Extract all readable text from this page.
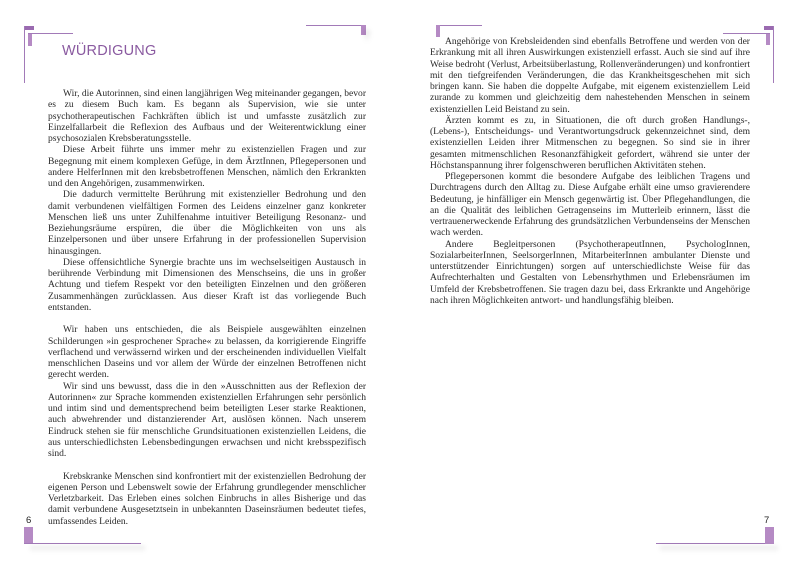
WÜRDIGUNG

Wir, die Autorinnen, sind einen langjährigen Weg miteinander gegangen, bevor es zu diesem Buch kam. Es begann als Supervision, wie sie unter psychotherapeutischen Fachkräften üblich ist und umfasste zusätzlich zur Einzelfallarbeit die Reflexion des Aufbaus und der Weiterentwicklung einer psychosozialen Krebsberatungsstelle.

Diese Arbeit führte uns immer mehr zu existenziellen Fragen und zur Begegnung mit einem komplexen Gefüge, in dem ÄrztInnen, Pflegepersonen und andere HelferInnen mit den krebsbetroffenen Menschen, nämlich den Erkrankten und den Angehörigen, zusammenwirken.

Die dadurch vermittelte Berührung mit existenzieller Bedrohung und den damit verbundenen vielfältigen Formen des Leidens einzelner ganz konkreter Menschen ließ uns unter Zuhilfenahme intuitiver Beteiligung Resonanz- und Beziehungsräume erspüren, die über die Möglichkeiten von uns als Einzelpersonen und über unsere Erfahrung in der professionellen Supervision hinausgingen.

Diese offensichtliche Synergie brachte uns im wechselseitigen Austausch in berührende Verbindung mit Dimensionen des Menschseins, die uns in großer Achtung und tiefem Respekt vor den beteiligten Einzelnen und den größeren Zusammenhängen zurücklassen. Aus dieser Kraft ist das vorliegende Buch entstanden.

Wir haben uns entschieden, die als Beispiele ausgewählten einzelnen Schilderungen »in gesprochener Sprache« zu belassen, da korrigierende Eingriffe verflachend und verwässernd wirken und der erscheinenden individuellen Vielfalt menschlichen Daseins und vor allem der Würde der einzelnen Betroffenen nicht gerecht werden.

Wir sind uns bewusst, dass die in den »Ausschnitten aus der Reflexion der Autorinnen« zur Sprache kommenden existenziellen Erfahrungen sehr persönlich und intim sind und dementsprechend beim beteiligten Leser starke Reaktionen, auch abwehrender und distanzierender Art, auslösen können. Nach unserem Eindruck stehen sie für menschliche Grundsituationen existenziellen Leidens, die aus unterschiedlichsten Lebensbedingungen erwachsen und nicht krebsspezifisch sind.

Krebskranke Menschen sind konfrontiert mit der existenziellen Bedrohung der eigenen Person und Lebenswelt sowie der Erfahrung grundlegender menschlicher Verletzbarkeit. Das Erleben eines solchen Einbruchs in alles Bisherige und das damit verbundene Ausgesetztsein in unbekannten Daseinsräumen bedeutet tiefes, umfassendes Leiden.

6

Angehörige von Krebsleidenden sind ebenfalls Betroffene und werden von der Erkrankung mit all ihren Auswirkungen existenziell erfasst. Auch sie sind auf ihre Weise bedroht (Verlust, Arbeitsüberlastung, Rollenveränderungen) und konfrontiert mit den tiefgreifenden Veränderungen, die das Krankheitsgeschehen mit sich bringen kann. Sie haben die doppelte Aufgabe, mit eigenem existenziellem Leid zurande zu kommen und gleichzeitig dem nahestehenden Menschen in seinem existenziellen Leid Beistand zu sein.

Ärzten kommt es zu, in Situationen, die oft durch großen Handlungs-, (Lebens-), Entscheidungs- und Verantwortungsdruck gekennzeichnet sind, dem existenziellen Leiden ihrer Mitmenschen zu begegnen. So sind sie in ihrer gesamten mitmenschlichen Resonanzfähigkeit gefordert, während sie unter der Höchstanspannung ihrer folgenschweren beruflichen Aktivitäten stehen.

Pflegepersonen kommt die besondere Aufgabe des leiblichen Tragens und Durchtragens durch den Alltag zu. Diese Aufgabe erhält eine umso gravierendere Bedeutung, je hinfälliger ein Mensch gegenwärtig ist. Über Pflegehandlungen, die an die Qualität des leiblichen Getragenseins im Mutterleib erinnern, lässt die vertrauenerweckende Erfahrung des grundsätzlichen Verbundenseins der Menschen wach werden.

Andere Begleitpersonen (PsychotherapeutInnen, PsychologInnen, SozialarbeiterInnen, SeelsorgerInnen, MitarbeiterInnen ambulanter Dienste und unterstützender Einrichtungen) sorgen auf unterschiedlichste Weise für das Aufrechterhalten und Gestalten von Lebensrhythmen und Erlebensräumen im Umfeld der Krebsbetroffenen. Sie tragen dazu bei, dass Erkrankte und Angehörige nach ihren Möglichkeiten antwort- und handlungsfähig bleiben.

7
